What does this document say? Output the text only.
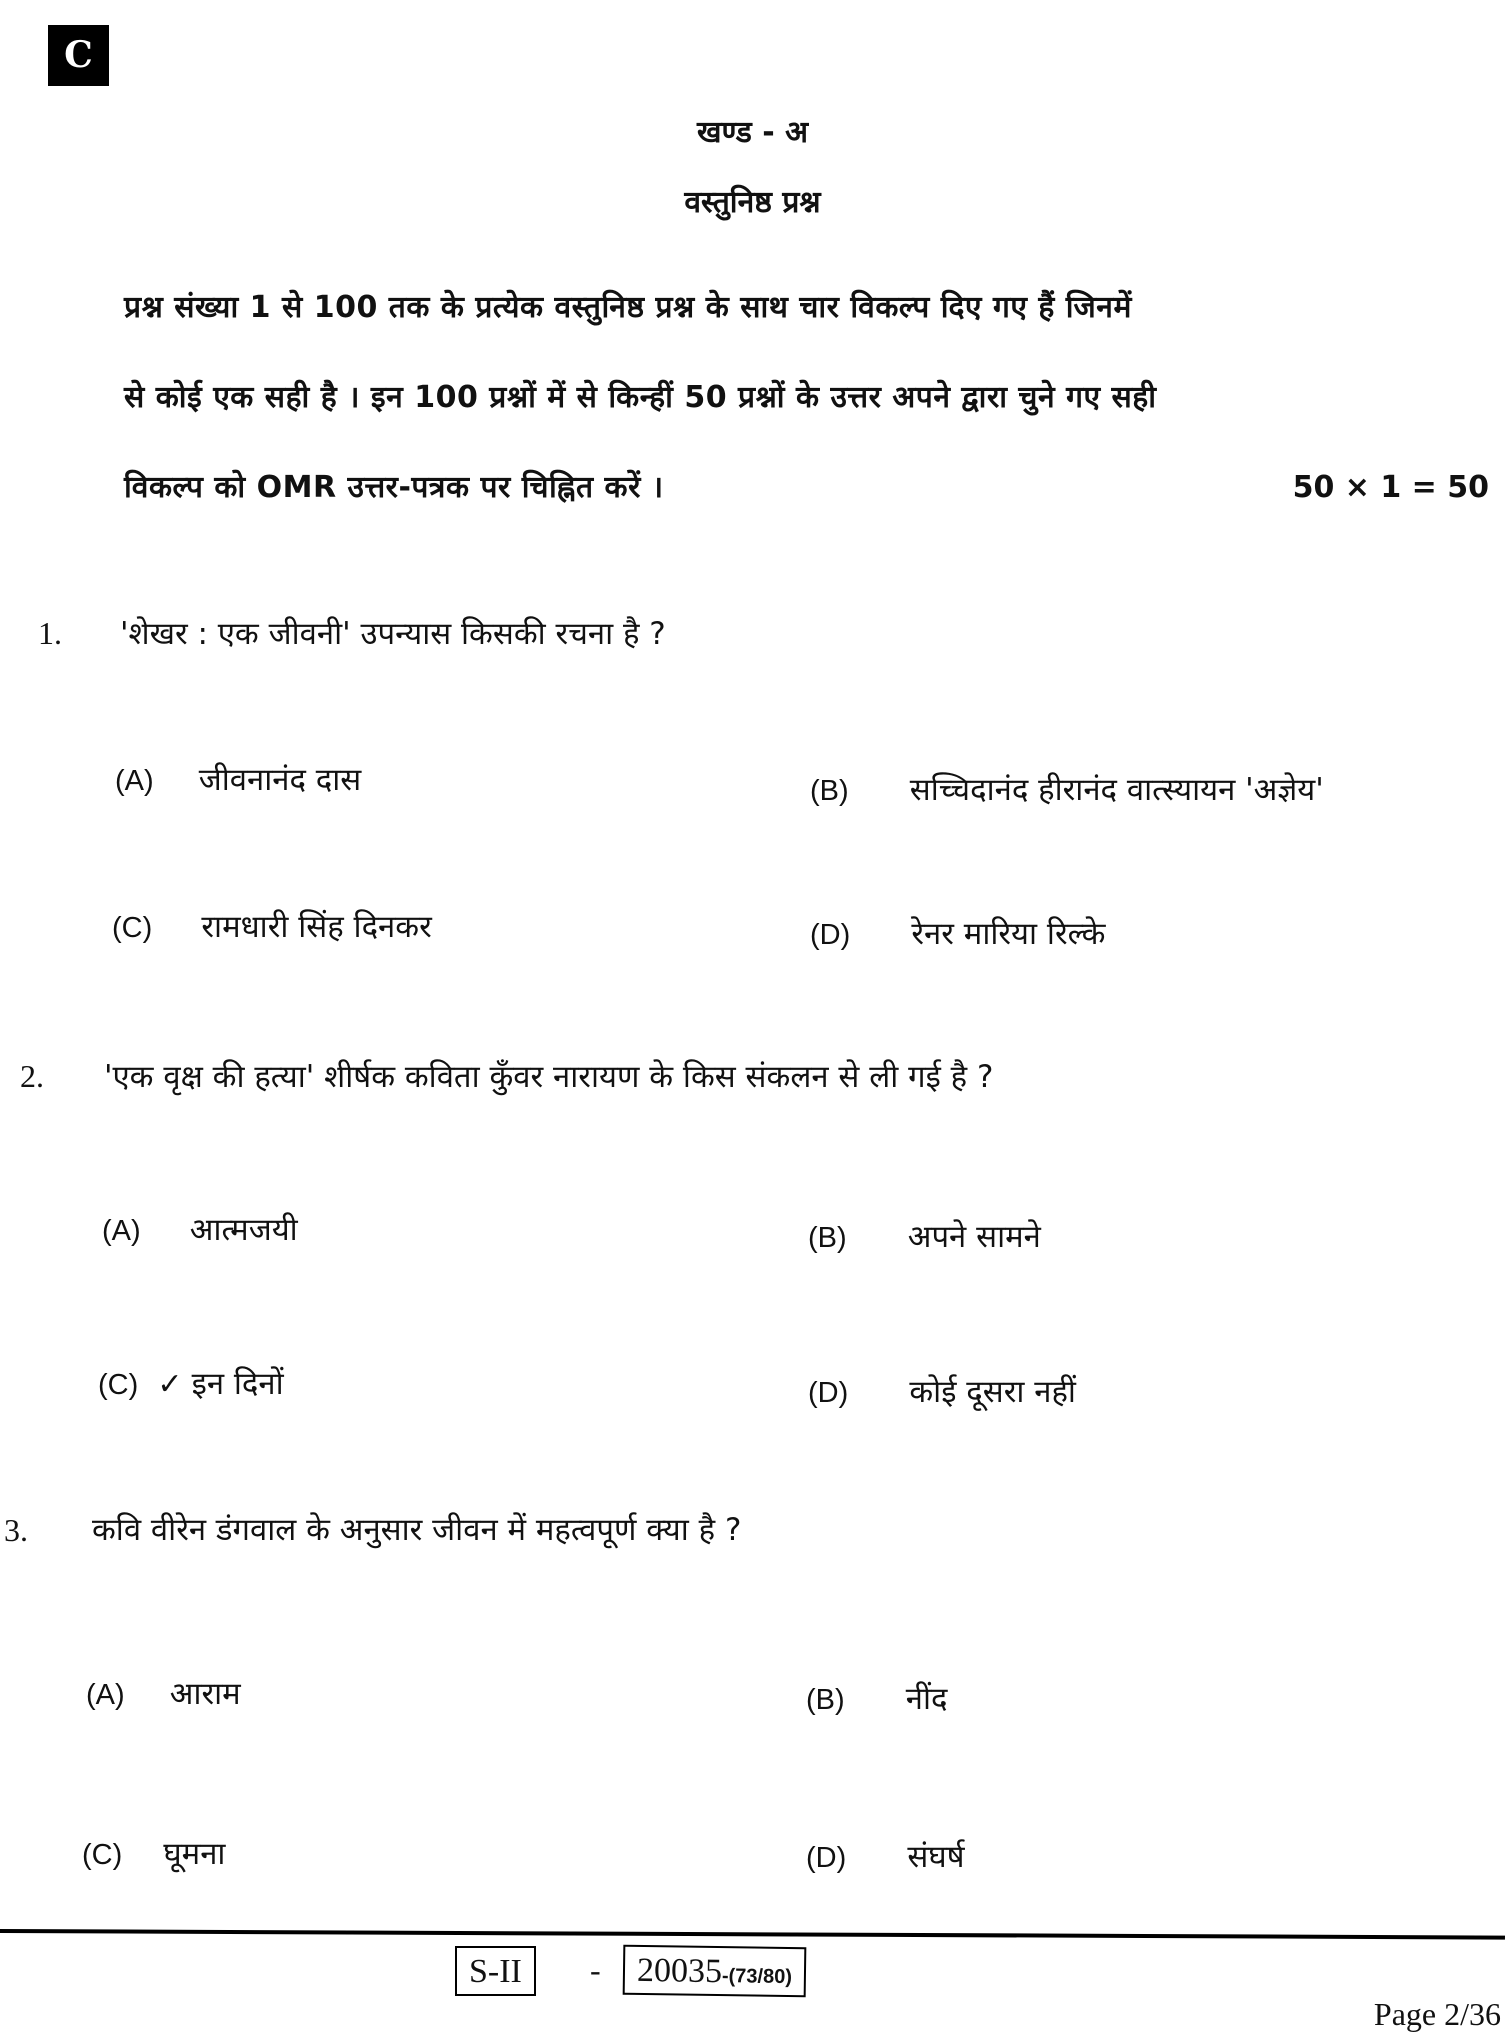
C
खण्ड - अ
वस्तुनिष्ठ प्रश्न
प्रश्न संख्या 1 से 100 तक के प्रत्येक वस्तुनिष्ठ प्रश्न के साथ चार विकल्प दिए गए हैं जिनमें
से कोई एक सही है । इन 100 प्रश्नों में से किन्हीं 50 प्रश्नों के उत्तर अपने द्वारा चुने गए सही
विकल्प को OMR उत्तर-पत्रक पर चिह्नित करें ।	50 × 1 = 50
1. 'शेखर : एक जीवनी' उपन्यास किसकी रचना है ?
(A) जीवनानंद दास	(B) सच्चिदानंद हीरानंद वात्स्यायन 'अज्ञेय'
(C) रामधारी सिंह दिनकर	(D) रेनर मारिया रिल्के
2. 'एक वृक्ष की हत्या' शीर्षक कविता कुँवर नारायण के किस संकलन से ली गई है ?
(A) आत्मजयी	(B) अपने सामने
(C) ✓ इन दिनों	(D) कोई दूसरा नहीं
3. कवि वीरेन डंगवाल के अनुसार जीवन में महत्वपूर्ण क्या है ?
(A) आराम	(B) नींद
(C) घूमना	(D) संघर्ष
S-II	-	20035-(73/80)
Page 2/36
